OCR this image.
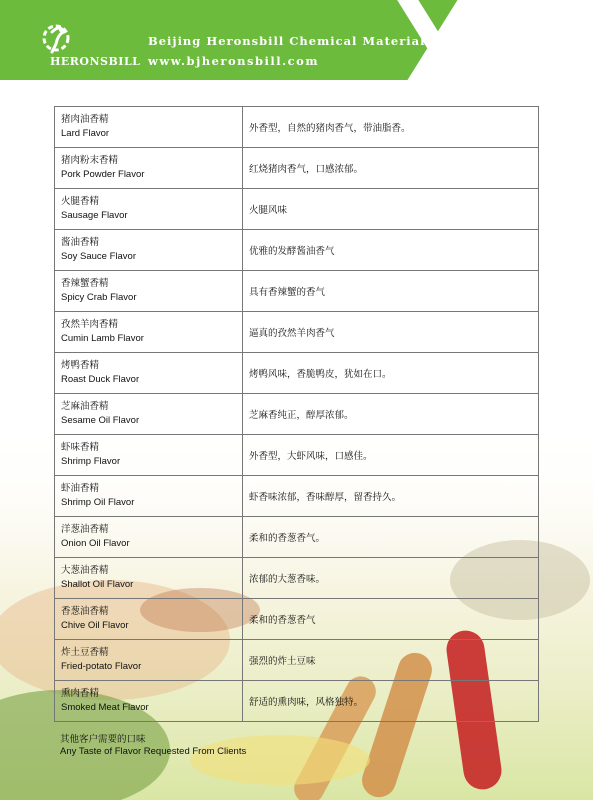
HERONSBILL
Beijing Heronsbill Chemical Material Co.,Ltd
www.bjheronsbill.com
猪肉油香精
Lard Flavor	外香型，自然的猪肉香气，带油脂香。

猪肉粉末香精
Pork Powder Flavor	红烧猪肉香气，口感浓郁。

火腿香精
Sausage Flavor	火腿风味

酱油香精
Soy Sauce Flavor	优雅的发酵酱油香气

香辣蟹香精
Spicy Crab Flavor	具有香辣蟹的香气

孜然羊肉香精
Cumin Lamb Flavor	逼真的孜然羊肉香气

烤鸭香精
Roast Duck Flavor	烤鸭风味，香脆鸭皮，犹如在口。

芝麻油香精
Sesame Oil Flavor	芝麻香纯正，醇厚浓郁。

虾味香精
Shrimp Flavor	外香型，大虾风味，口感佳。

虾油香精
Shrimp Oil Flavor	虾香味浓郁，香味醇厚，留香持久。

洋葱油香精
Onion Oil Flavor	柔和的香葱香气。

大葱油香精
Shallot Oil Flavor	浓郁的大葱香味。

香葱油香精
Chive Oil Flavor	柔和的香葱香气

炸土豆香精
Fried-potato Flavor	强烈的炸土豆味

熏肉香精
Smoked Meat Flavor	舒适的熏肉味，风格独特。
其他客户需要的口味
Any Taste of Flavor Requested From Clients
